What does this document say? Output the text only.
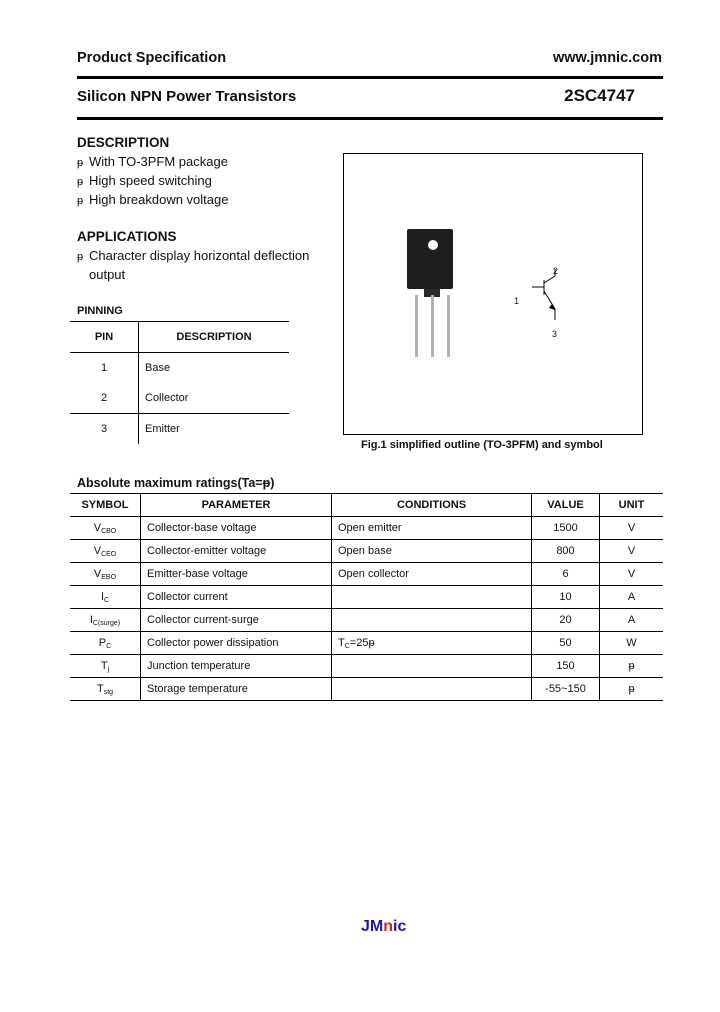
Product Specification	www.jmnic.com
Silicon NPN Power Transistors	2SC4747
DESCRIPTION
ᵽ With TO-3PFM package
ᵽ High speed switching
ᵽ High breakdown voltage
APPLICATIONS
ᵽ Character display horizontal deflection
output
PINNING
PIN	DESCRIPTION
1	Base
2	Collector
3	Emitter
1
2
3
Fig.1 simplified outline (TO-3PFM) and symbol
Absolute maximum ratings(Ta=ᵽ)
SYMBOL	PARAMETER	CONDITIONS	VALUE	UNIT
$V_{CBO}$	Collector-base voltage	Open emitter	1500	V
$V_{CEO}$	Collector-emitter voltage	Open base	800	V
$V_{EBO}$	Emitter-base voltage	Open collector	6	V
$I_C$	Collector current		10	A
$I_{C(surge)}$	Collector current-surge		20	A
$P_C$	Collector power dissipation	$T_C=25ᵽ$	50	W
$T_j$	Junction temperature		150	ᵽ
$T_{stg}$	Storage temperature		-55~150	ᵽ
JMnic
